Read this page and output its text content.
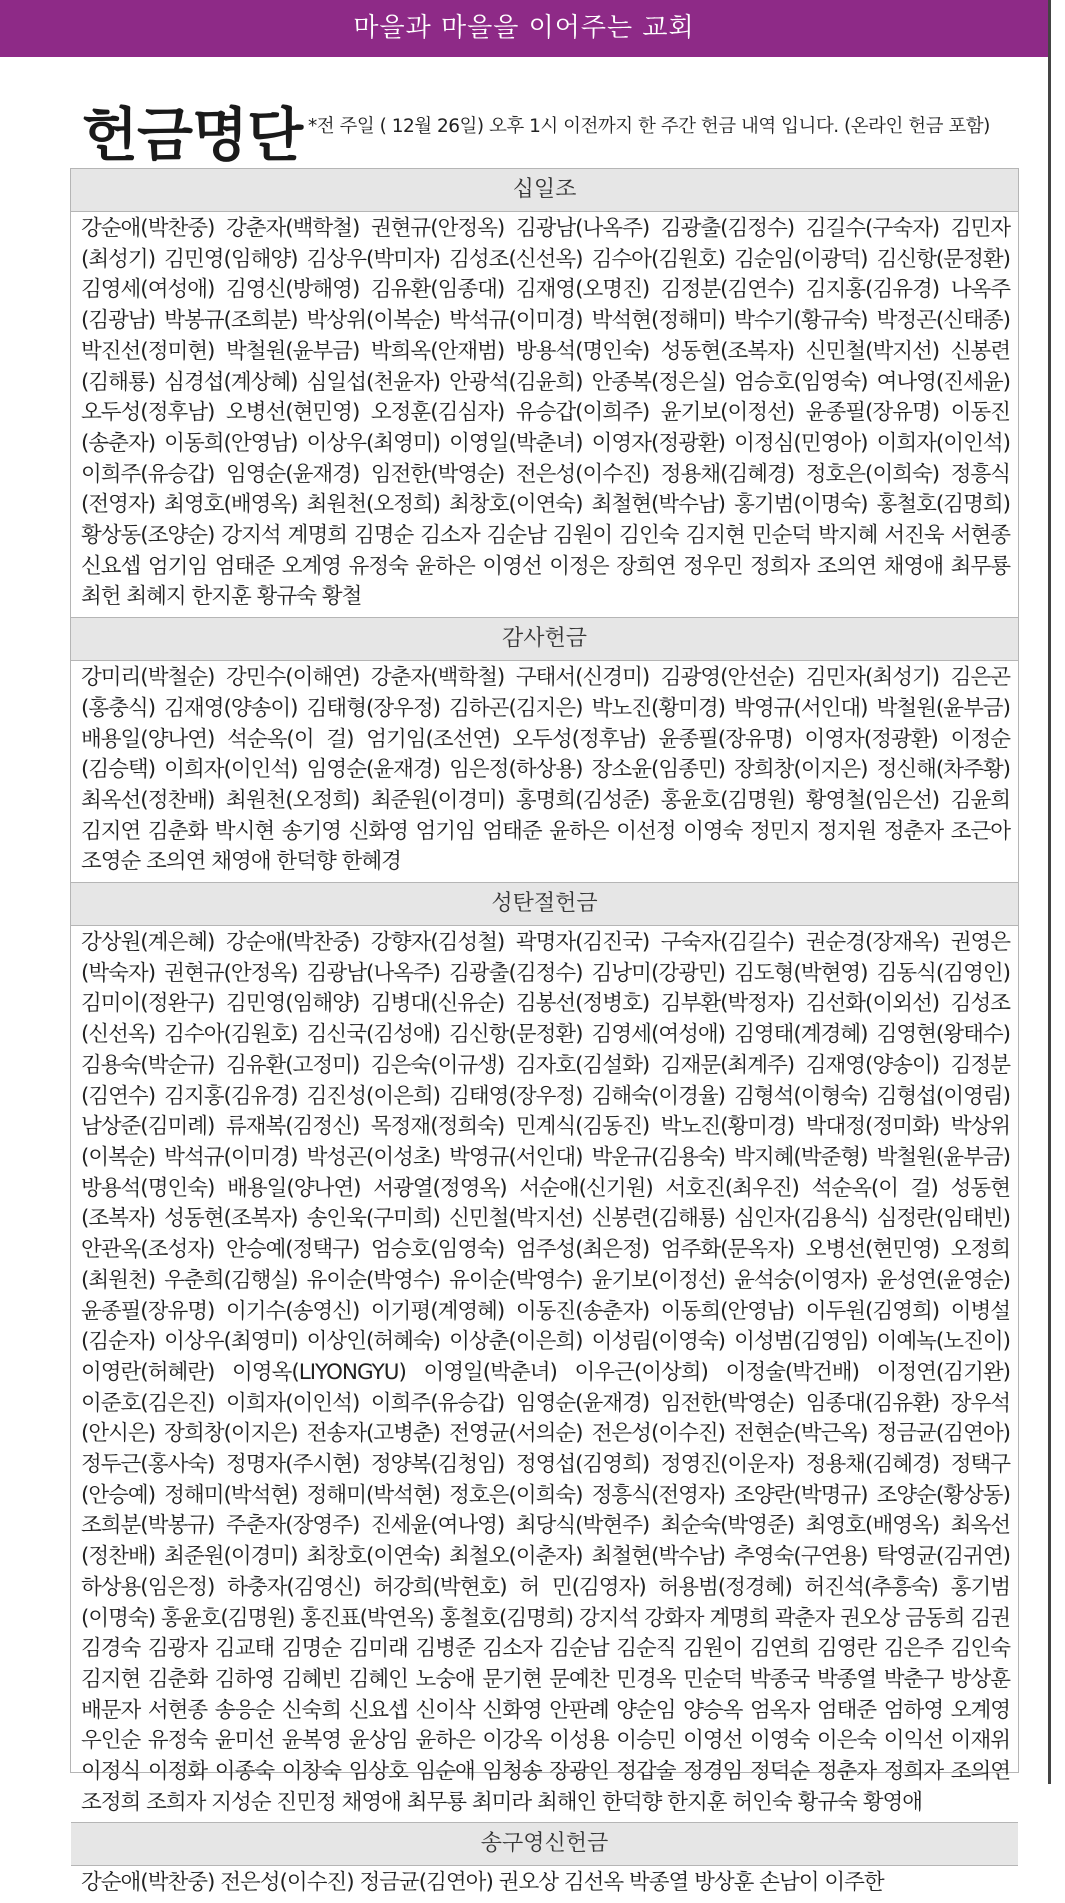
마을과 마을을 이어주는 교회
헌금명단 *전 주일 ( 12월 26일) 오후 1시 이전까지 한 주간 헌금 내역 입니다. (온라인 헌금 포함)
십일조
강순애(박찬중) 강춘자(백학철) 권현규(안정옥) 김광남(나옥주) 김광출(김정수) 김길수(구숙자) 김민자(최성기) 김민영(임해양) 김상우(박미자) 김성조(신선옥) 김수아(김원호) 김순임(이광덕) 김신항(문정환) 김영세(여성애) 김영신(방해영) 김유환(임종대) 김재영(오명진) 김정분(김연수) 김지홍(김유경) 나옥주(김광남) 박봉규(조희분) 박상위(이복순) 박석규(이미경) 박석현(정해미) 박수기(황규숙) 박정곤(신태종) 박진선(정미현) 박철원(윤부금) 박희옥(안재범) 방용석(명인숙) 성동현(조복자) 신민철(박지선) 신봉련(김해룡) 심경섭(계상혜) 심일섭(천윤자) 안광석(김윤희) 안종복(정은실) 엄승호(임영숙) 여나영(진세윤) 오두성(정후남) 오병선(현민영) 오정훈(김심자) 유승갑(이희주) 윤기보(이정선) 윤종필(장유명) 이동진(송춘자) 이동희(안영남) 이상우(최영미) 이영일(박춘녀) 이영자(정광환) 이정심(민영아) 이희자(이인석) 이희주(유승갑) 임영순(윤재경) 임전한(박영순) 전은성(이수진) 정용채(김혜경) 정호은(이희숙) 정흥식(전영자) 최영호(배영옥) 최원천(오정희) 최창호(이연숙) 최철현(박수남) 홍기범(이명숙) 홍철호(김명희) 황상동(조양순) 강지석 계명희 김명순 김소자 김순남 김원이 김인숙 김지현 민순덕 박지혜 서진욱 서현종 신요셉 엄기임 엄태준 오계영 유정숙 윤하은 이영선 이정은 장희연 정우민 정희자 조의연 채영애 최무룡 최헌 최혜지 한지훈 황규숙 황철
감사헌금
강미리(박철순) 강민수(이해연) 강춘자(백학철) 구태서(신경미) 김광영(안선순) 김민자(최성기) 김은곤(홍충식) 김재영(양송이) 김태형(장우정) 김하곤(김지은) 박노진(황미경) 박영규(서인대) 박철원(윤부금) 배용일(양나연) 석순옥(이 걸) 엄기임(조선연) 오두성(정후남) 윤종필(장유명) 이영자(정광환) 이정순(김승택) 이희자(이인석) 임영순(윤재경) 임은정(하상용) 장소윤(임종민) 장희창(이지은) 정신해(차주황) 최옥선(정찬배) 최원천(오정희) 최준원(이경미) 홍명희(김성준) 홍윤호(김명원) 황영철(임은선) 김윤희 김지연 김춘화 박시현 송기영 신화영 엄기임 엄태준 윤하은 이선정 이영숙 정민지 정지원 정춘자 조근아 조영순 조의연 채영애 한덕향 한혜경
성탄절헌금
강상원(계은혜) 강순애(박찬중) 강향자(김성철) 곽명자(김진국) 구숙자(김길수) 권순경(장재옥) 권영은(박숙자) 권현규(안정옥) 김광남(나옥주) 김광출(김정수) 김낭미(강광민) 김도형(박현영) 김동식(김영인) 김미이(정완구) 김민영(임해양) 김병대(신유순) 김봉선(정병호) 김부환(박정자) 김선화(이외선) 김성조(신선옥) 김수아(김원호) 김신국(김성애) 김신항(문정환) 김영세(여성애) 김영태(계경혜) 김영현(왕태수) 김용숙(박순규) 김유환(고정미) 김은숙(이규생) 김자호(김설화) 김재문(최계주) 김재영(양송이) 김정분(김연수) 김지홍(김유경) 김진성(이은희) 김태영(장우정) 김해숙(이경율) 김형석(이형숙) 김형섭(이영림) 남상준(김미례) 류재복(김정신) 목정재(정희숙) 민계식(김동진) 박노진(황미경) 박대정(정미화) 박상위(이복순) 박석규(이미경) 박성곤(이성초) 박영규(서인대) 박운규(김용숙) 박지혜(박준형) 박철원(윤부금) 방용석(명인숙) 배용일(양나연) 서광열(정영옥) 서순애(신기원) 서호진(최우진) 석순옥(이 걸) 성동현(조복자) 성동현(조복자) 송인욱(구미희) 신민철(박지선) 신봉련(김해룡) 심인자(김용식) 심정란(임태빈) 안관옥(조성자) 안승예(정택구) 엄승호(임영숙) 엄주성(최은정) 엄주화(문옥자) 오병선(현민영) 오정희(최원천) 우춘희(김행실) 유이순(박영수) 유이순(박영수) 윤기보(이정선) 윤석숭(이영자) 윤성연(윤영순) 윤종필(장유명) 이기수(송영신) 이기평(계영혜) 이동진(송춘자) 이동희(안영남) 이두원(김영희) 이병설(김순자) 이상우(최영미) 이상인(허혜숙) 이상춘(이은희) 이성림(이영숙) 이성범(김영임) 이예녹(노진이) 이영란(허혜란) 이영옥(LIYONGYU) 이영일(박춘녀) 이우근(이상희) 이정술(박건배) 이정연(김기완) 이준호(김은진) 이희자(이인석) 이희주(유승갑) 임영순(윤재경) 임전한(박영순) 임종대(김유환) 장우석(안시은) 장희창(이지은) 전송자(고병춘) 전영균(서의순) 전은성(이수진) 전현순(박근옥) 정금균(김연아) 정두근(홍사숙) 정명자(주시현) 정양복(김청임) 정영섭(김영희) 정영진(이운자) 정용채(김혜경) 정택구(안승예) 정해미(박석현) 정해미(박석현) 정호은(이희숙) 정흥식(전영자) 조양란(박명규) 조양순(황상동) 조희분(박봉규) 주춘자(장영주) 진세윤(여나영) 최당식(박현주) 최순숙(박영준) 최영호(배영옥) 최옥선(정찬배) 최준원(이경미) 최창호(이연숙) 최철오(이춘자) 최철현(박수남) 추영숙(구연용) 탁영균(김귀연) 하상용(임은정) 하충자(김영신) 허강희(박현호) 허 민(김영자) 허용범(정경혜) 허진석(추흥숙) 홍기범(이명숙) 홍윤호(김명원) 홍진표(박연옥) 홍철호(김명희) 강지석 강화자 계명희 곽춘자 권오상 금동희 김권 김경숙 김광자 김교태 김명순 김미래 김병준 김소자 김순남 김순직 김원이 김연희 김영란 김은주 김인숙 김지현 김춘화 김하영 김혜빈 김혜인 노숭애 문기현 문예찬 민경옥 민순덕 박종국 박종열 박춘구 방상훈 배문자 서현종 송응순 신숙희 신요셉 신이삭 신화영 안판례 양순임 양승옥 엄옥자 엄태준 엄하영 오계영 우인순 유정숙 윤미선 윤복영 윤상임 윤하은 이강옥 이성용 이승민 이영선 이영숙 이은숙 이익선 이재위 이정식 이정화 이종숙 이창숙 임상호 임순애 임청송 장광인 정갑술 정경임 정덕순 정춘자 정희자 조의연 조정희 조희자 지성순 진민정 채영애 최무룡 최미라 최해인 한덕향 한지훈 허인숙 황규숙 황영애
송구영신헌금
강순애(박찬중) 전은성(이수진) 정금균(김연아) 권오상 김선옥 박종열 방상훈 손남이 이주한
